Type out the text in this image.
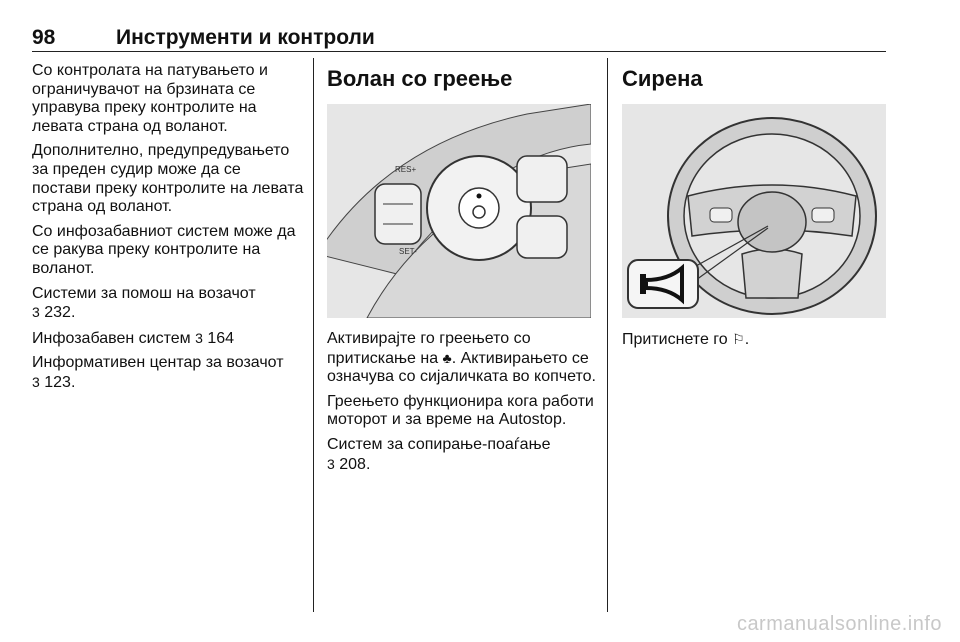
98	Инструменти и контроли

Со контролата на патувањето и ограничувачот на брзината се управува преку контролите на левата страна од воланот.

Дополнително, предупредувањето за преден судир може да се постави преку контролите на левата страна од воланот.

Со инфозабавниот систем може да се ракува преку контролите на воланот.

Системи за помош на возачот
3 232.

Инфозабавен систем 3 164

Информативен центар за возачот
3 123.

Волан со греење
RES+
SET-

Активирајте го греењето со притискање на ♣. Активирањето се означува со сијаличката во копчето.

Греењето функционира кога работи моторот и за време на Autostop.

Систем за сопирање-поаѓање
3 208.

Сирена

Притиснете го ⚐.

carmanualsonline.info
